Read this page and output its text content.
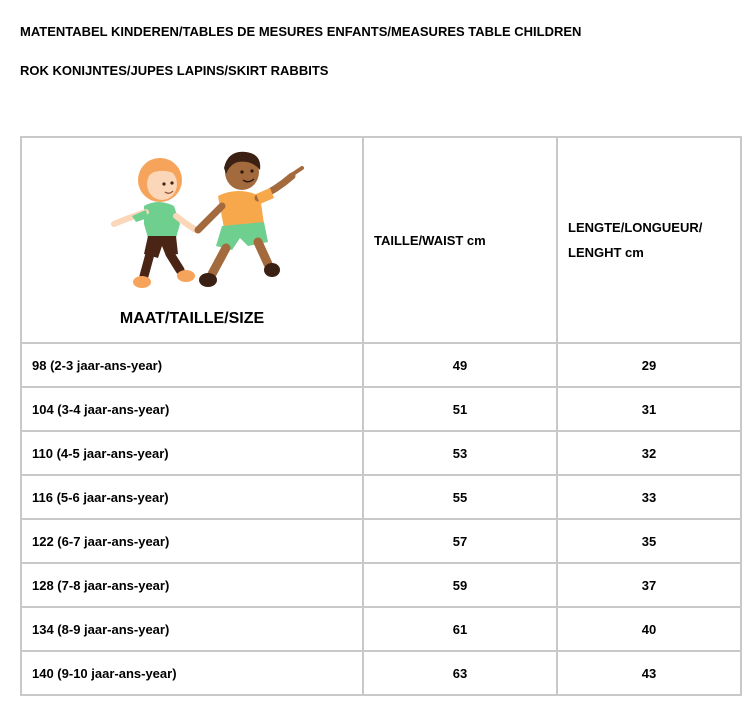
MATENTABEL KINDEREN/TABLES DE MESURES ENFANTS/MEASURES TABLE CHILDREN
ROK KONIJNTES/JUPES LAPINS/SKIRT RABBITS
MAAT/TAILLE/SIZE	TAILLE/WAIST cm	LENGTE/LONGUEUR/
LENGHT cm
98 (2-3 jaar-ans-year)	49	29
104 (3-4 jaar-ans-year)	51	31
110 (4-5 jaar-ans-year)	53	32
116 (5-6 jaar-ans-year)	55	33
122 (6-7 jaar-ans-year)	57	35
128 (7-8 jaar-ans-year)	59	37
134 (8-9 jaar-ans-year)	61	40
140 (9-10 jaar-ans-year)	63	43
